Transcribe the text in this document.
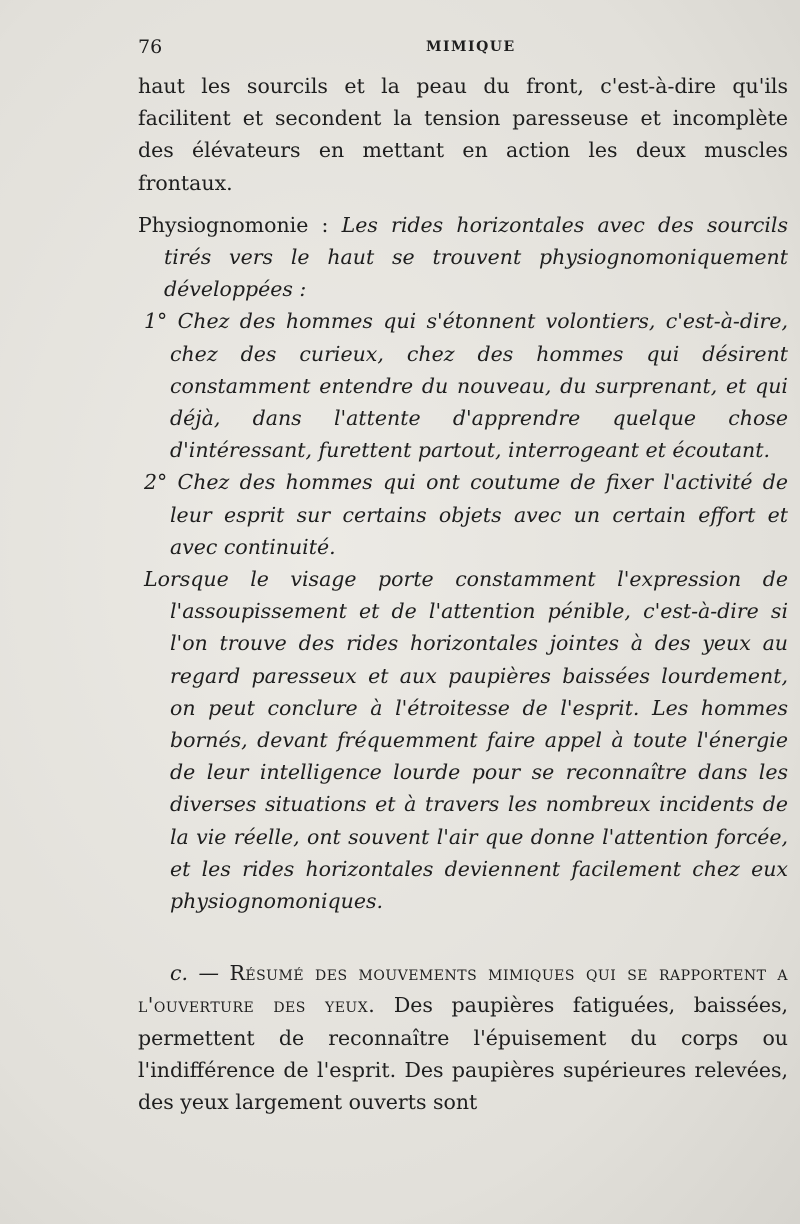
76	MIMIQUE

haut les sourcils et la peau du front, c'est-à-dire qu'ils facilitent et secondent la tension paresseuse et incomplète des élévateurs en mettant en action les deux muscles frontaux.

Physiognomonie : Les rides horizontales avec des sourcils tirés vers le haut se trouvent physiognomoniquement développées :

1° Chez des hommes qui s'étonnent volontiers, c'est-à-dire, chez des curieux, chez des hommes qui désirent constamment entendre du nouveau, du surprenant, et qui déjà, dans l'attente d'apprendre quelque chose d'intéressant, furettent partout, interrogeant et écoutant.

2° Chez des hommes qui ont coutume de fixer l'activité de leur esprit sur certains objets avec un certain effort et avec continuité.

Lorsque le visage porte constamment l'expression de l'assoupissement et de l'attention pénible, c'est-à-dire si l'on trouve des rides horizontales jointes à des yeux au regard paresseux et aux paupières baissées lourdement, on peut conclure à l'étroitesse de l'esprit. Les hommes bornés, devant fréquemment faire appel à toute l'énergie de leur intelligence lourde pour se reconnaître dans les diverses situations et à travers les nombreux incidents de la vie réelle, ont souvent l'air que donne l'attention forcée, et les rides horizontales deviennent facilement chez eux physiognomoniques.

c. — Résumé des mouvements mimiques qui se rapportent a l'ouverture des yeux. Des paupières fatiguées, baissées, permettent de reconnaître l'épuisement du corps ou l'indifférence de l'esprit. Des paupières supérieures relevées, des yeux largement ouverts sont
